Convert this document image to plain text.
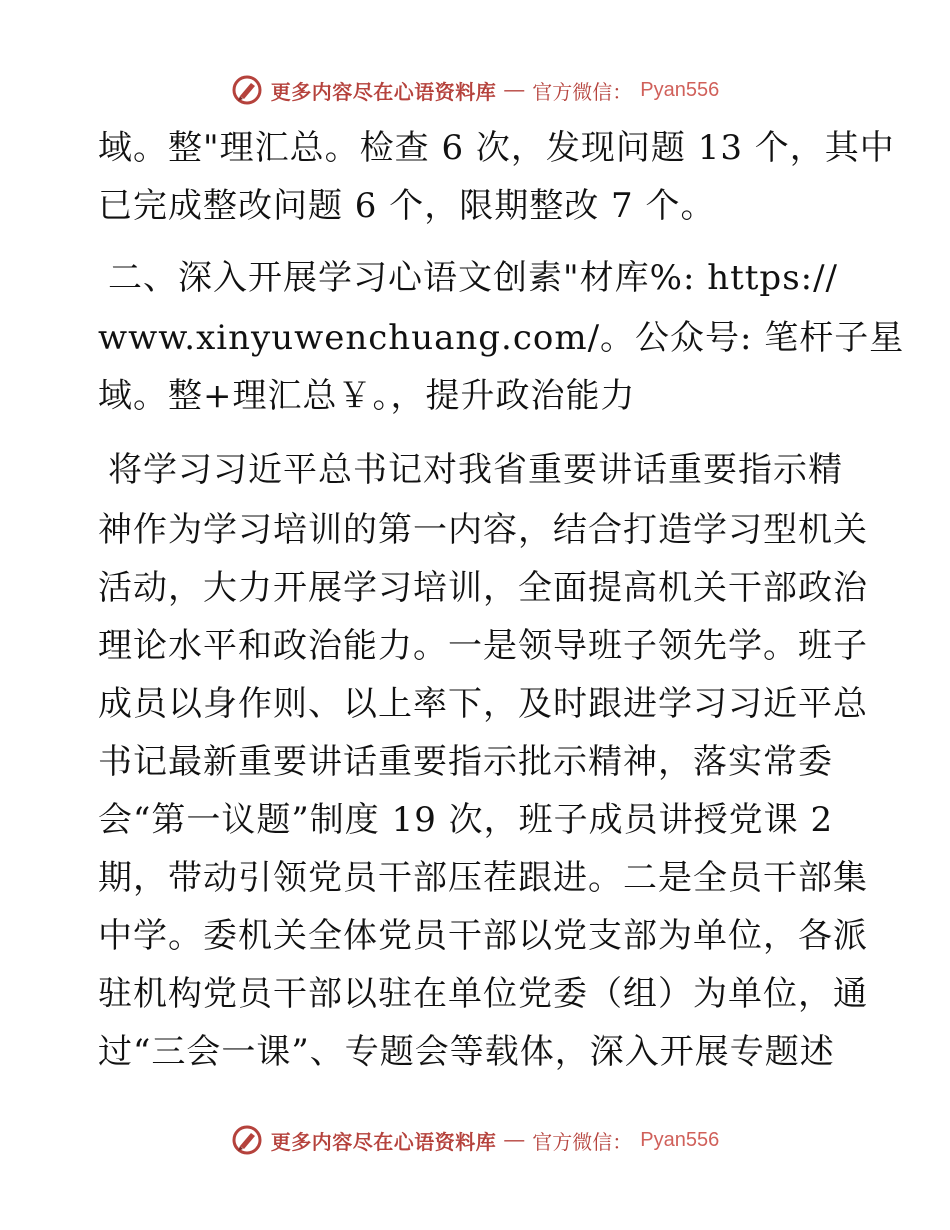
更多内容尽在心语资料库 — 官方微信： Pyan556
域。整"理汇总。检查 6 次，发现问题 13 个，其中
已完成整改问题 6 个，限期整改 7 个。
二、深入开展学习心语文创素"材库%: https://
www.xinyuwenchuang.com/。公众号: 笔杆子星
域。整+理汇总￥。，提升政治能力
将学习习近平总书记对我省重要讲话重要指示精
神作为学习培训的第一内容，结合打造学习型机关
活动，大力开展学习培训，全面提高机关干部政治
理论水平和政治能力。一是领导班子领先学。班子
成员以身作则、以上率下，及时跟进学习习近平总
书记最新重要讲话重要指示批示精神，落实常委
会“第一议题”制度 19 次，班子成员讲授党课 2
期，带动引领党员干部压茬跟进。二是全员干部集
中学。委机关全体党员干部以党支部为单位，各派
驻机构党员干部以驻在单位党委（组）为单位，通
过“三会一课”、专题会等载体，深入开展专题述
更多内容尽在心语资料库 — 官方微信： Pyan556
